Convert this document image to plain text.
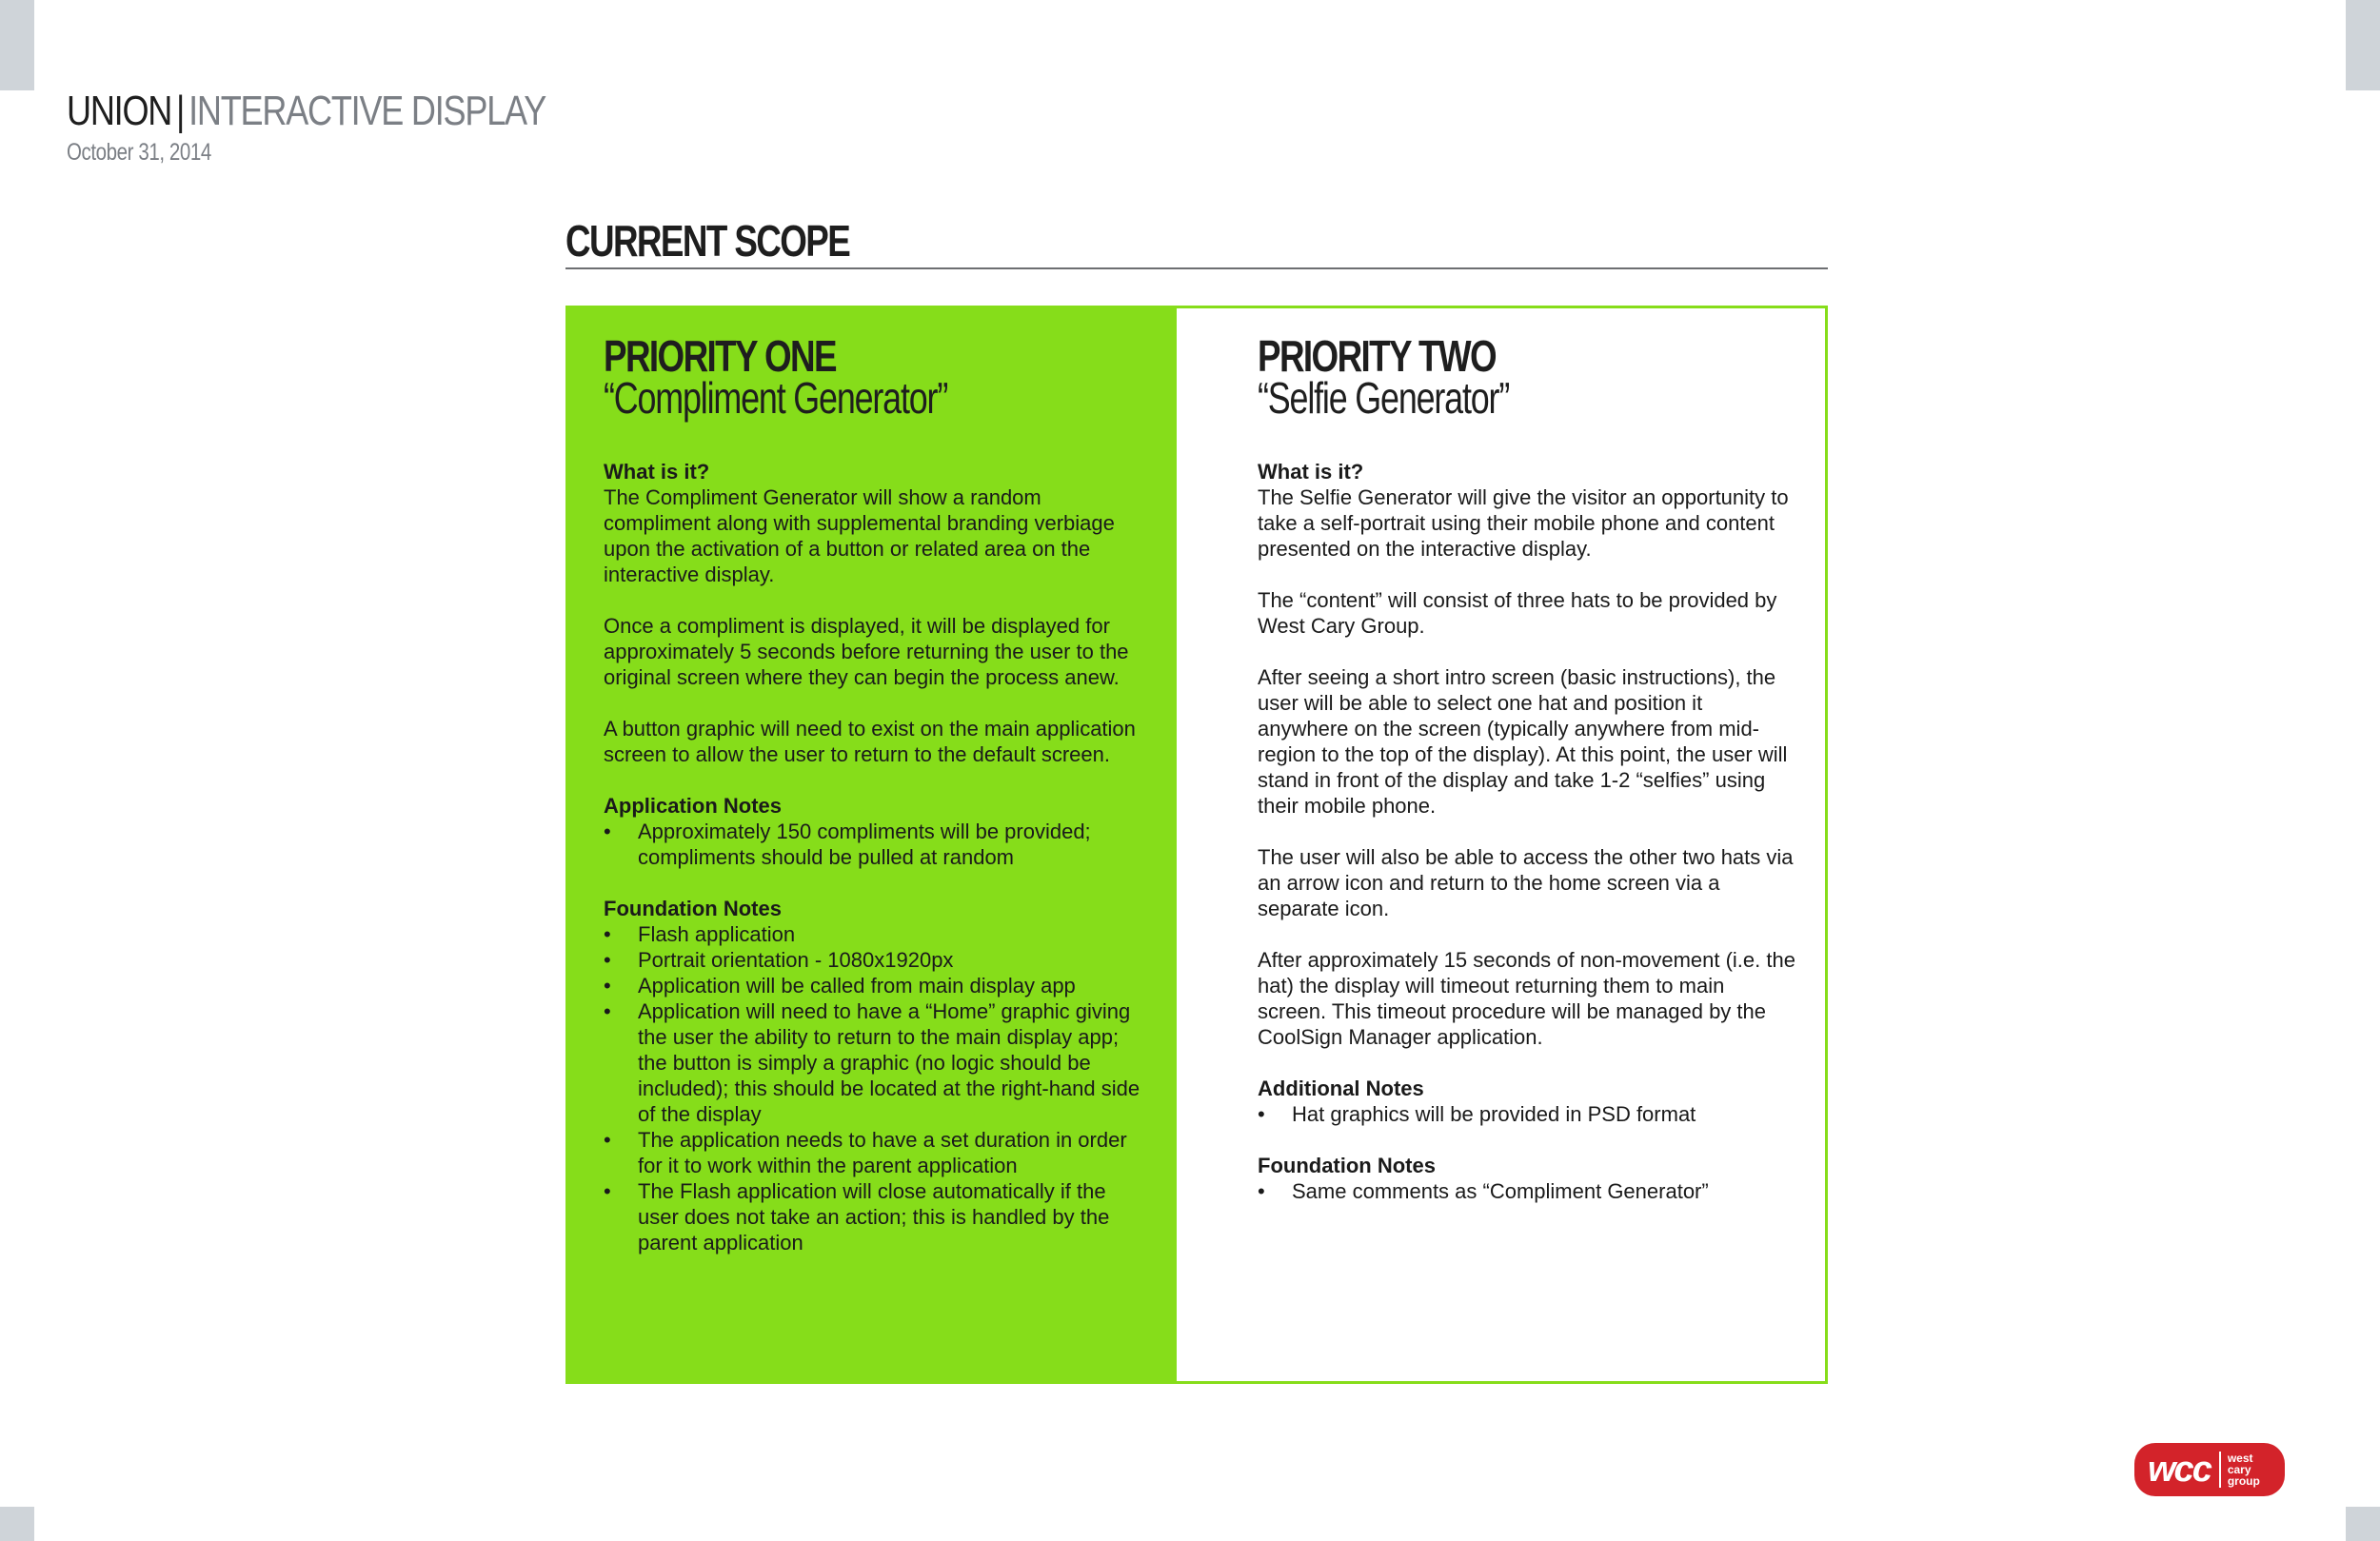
UNION | INTERACTIVE DISPLAY
October 31, 2014
CURRENT SCOPE
PRIORITY ONE
“Compliment Generator”
What is it?

The Compliment Generator will show a random compliment along with supplemental branding verbiage upon the activation of a button or related area on the interactive display.

Once a compliment is displayed, it will be displayed for approximately 5 seconds before returning the user to the original screen where they can begin the process anew.

A button graphic will need to exist on the main application screen to allow the user to return to the default screen.

Application Notes
• Approximately 150 compliments will be provided; compliments should be pulled at random
Foundation Notes
• Flash application
• Portrait orientation - 1080x1920px
• Application will be called from main display app
• Application will need to have a “Home” graphic giving the user the ability to return to the main display app; the button is simply a graphic (no logic should be included); this should be located at the right-hand side of the display
• The application needs to have a set duration in order for it to work within the parent application
• The Flash application will close automatically if the user does not take an action; this is handled by the parent application
PRIORITY TWO
“Selfie Generator”
What is it?

The Selfie Generator will give the visitor an opportunity to take a self-portrait using their mobile phone and content presented on the interactive display.

The “content” will consist of three hats to be provided by West Cary Group.

After seeing a short intro screen (basic instructions), the user will be able to select one hat and position it anywhere on the screen (typically anywhere from mid-region to the top of the display). At this point, the user will stand in front of the display and take 1-2 “selfies” using their mobile phone.

The user will also be able to access the other two hats via an arrow icon and return to the home screen via a separate icon.

After approximately 15 seconds of non-movement (i.e. the hat) the display will timeout returning them to main screen. This timeout procedure will be managed by the CoolSign Manager application.

Additional Notes
• Hat graphics will be provided in PSD format
Foundation Notes
• Same comments as “Compliment Generator”
wcc	west
cary
group
